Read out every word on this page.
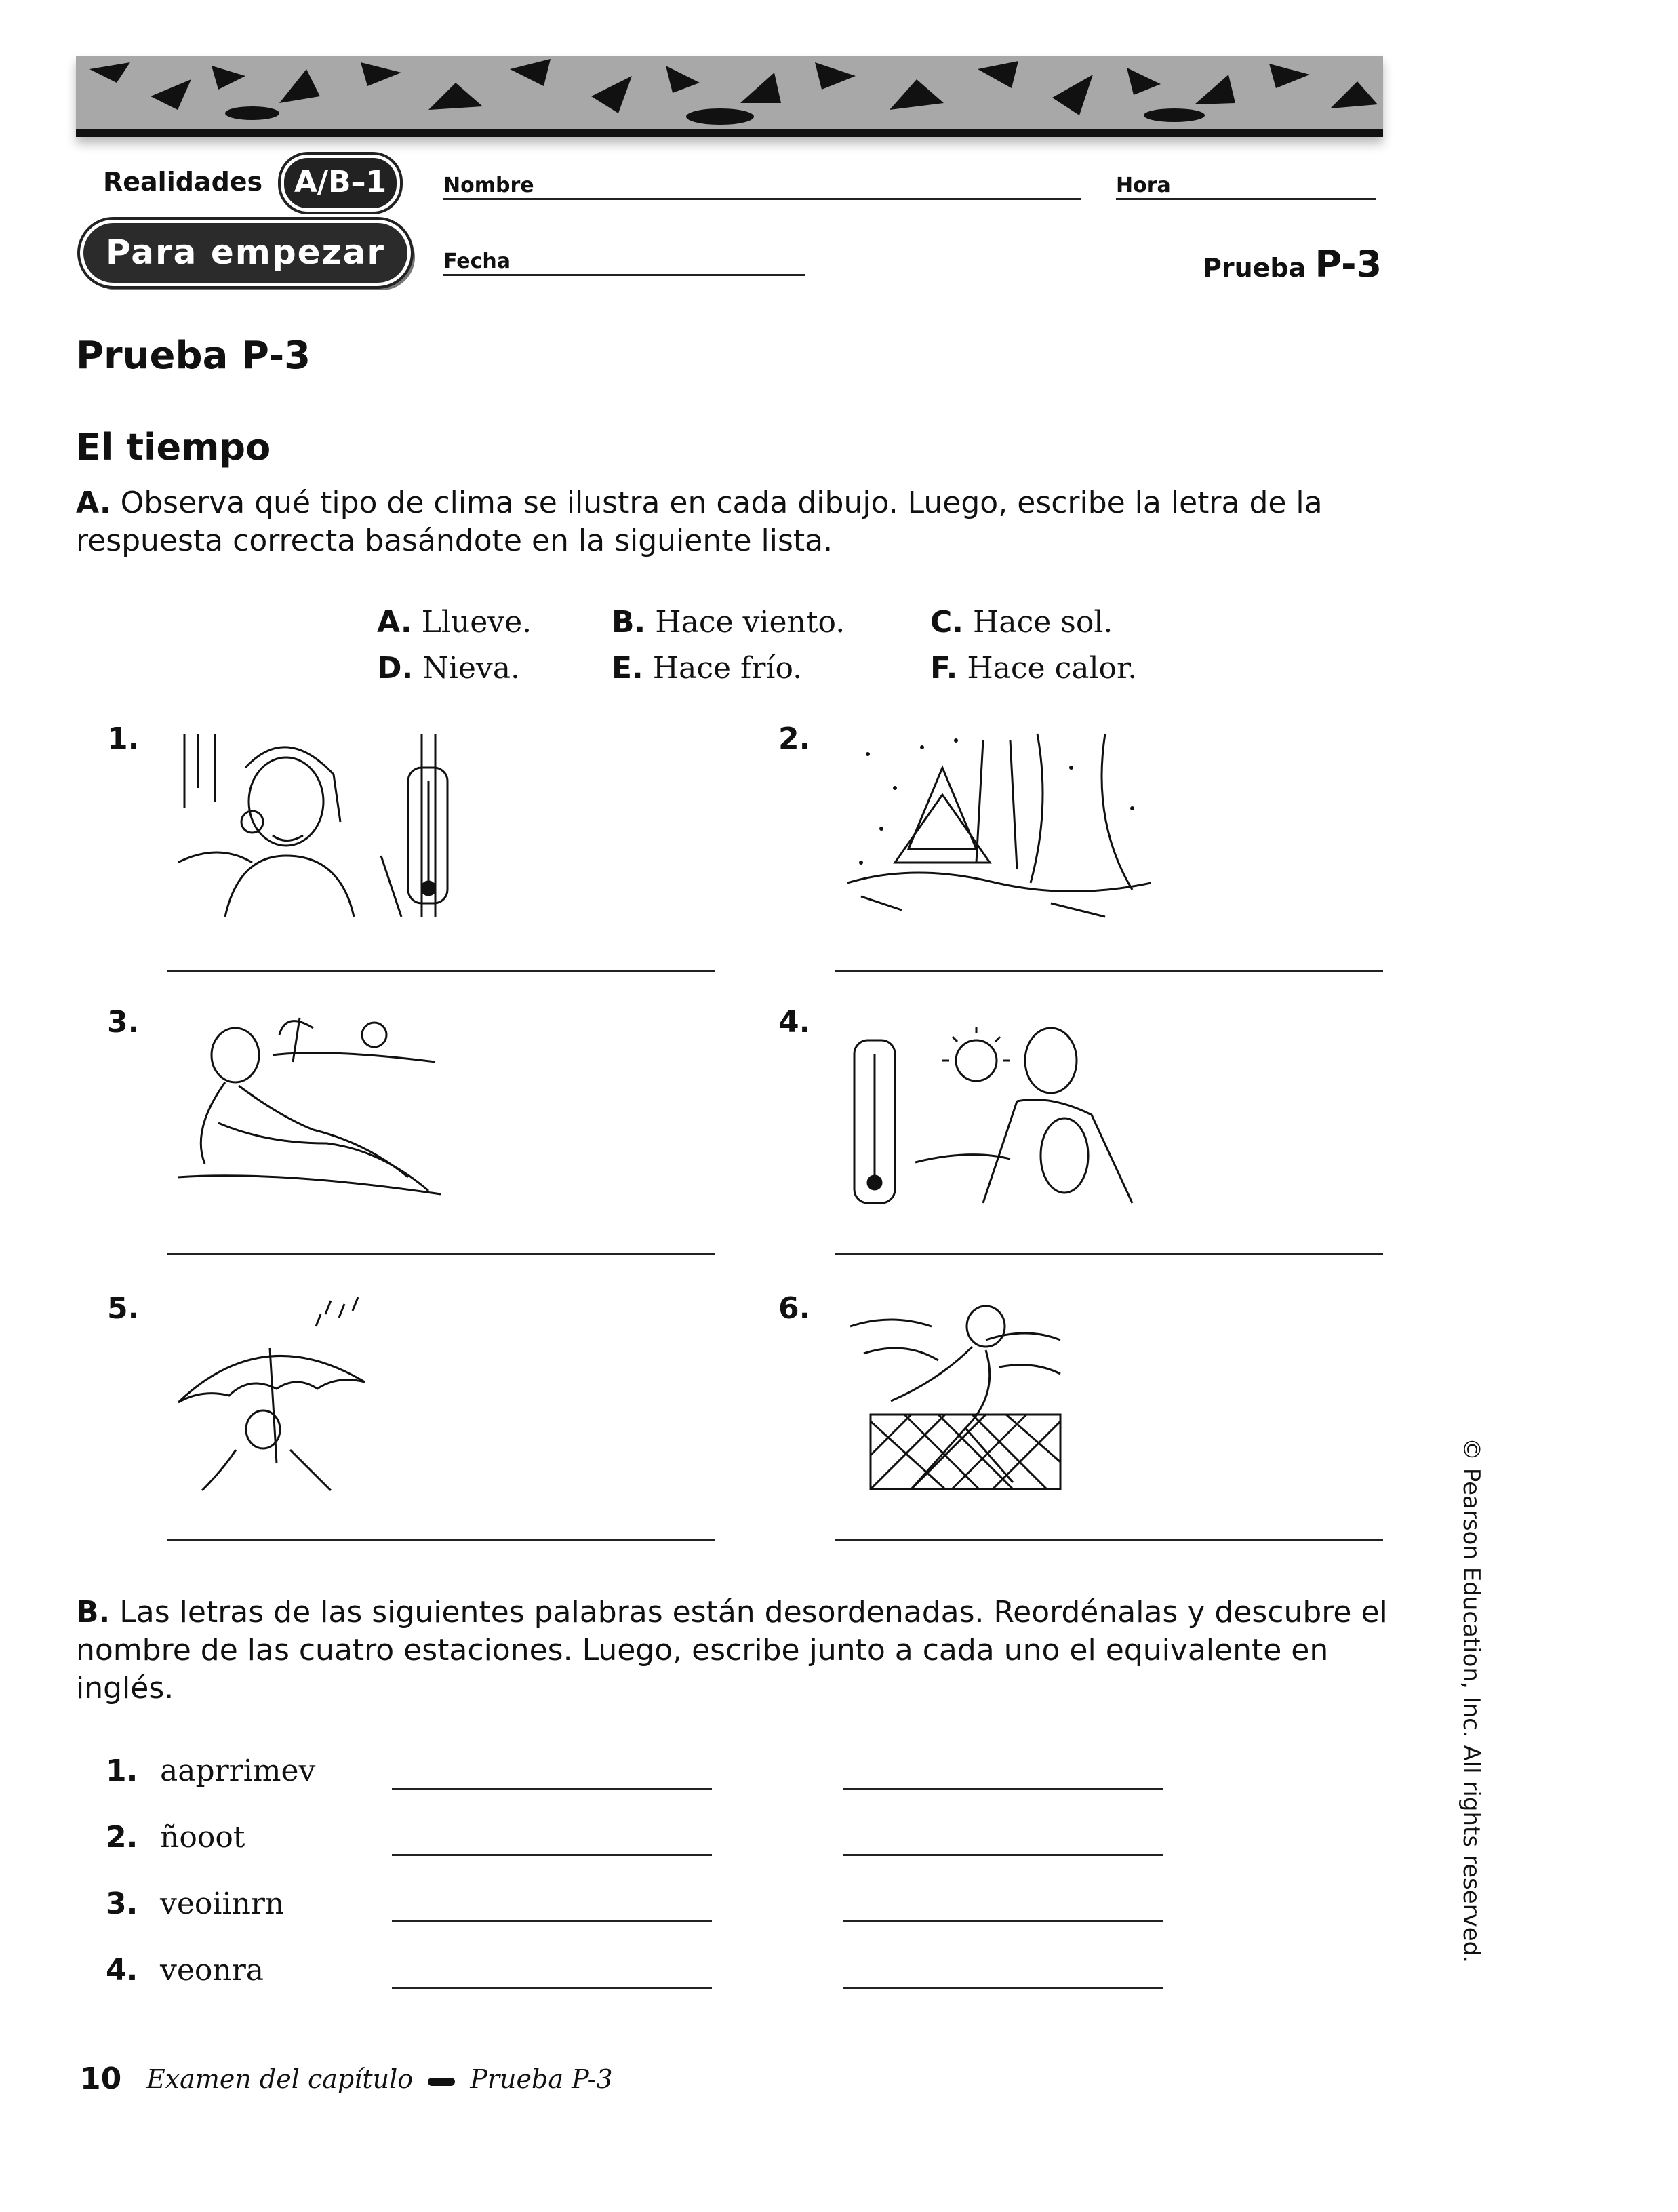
Realidades	A/B–1
Para empezar
Nombre	Hora
Fecha	Prueba P-3
Prueba P-3
El tiempo
A. Observa qué tipo de clima se ilustra en cada dibujo. Luego, escribe la letra de la respuesta correcta basándote en la siguiente lista.
A. Llueve.	B. Hace viento.	C. Hace sol.
D. Nieva.	E. Hace frío.	F. Hace calor.
1.	2.
3.	4.
5.	6.
B. Las letras de las siguientes palabras están desordenadas. Reordénalas y descubre el nombre de las cuatro estaciones. Luego, escribe junto a cada uno el equivalente en inglés.
1. aaprrimev
2. ñooot
3. veoiinrn
4. veonra
10 Examen del capítulo Prueba P-3
© Pearson Education, Inc. All rights reserved.
